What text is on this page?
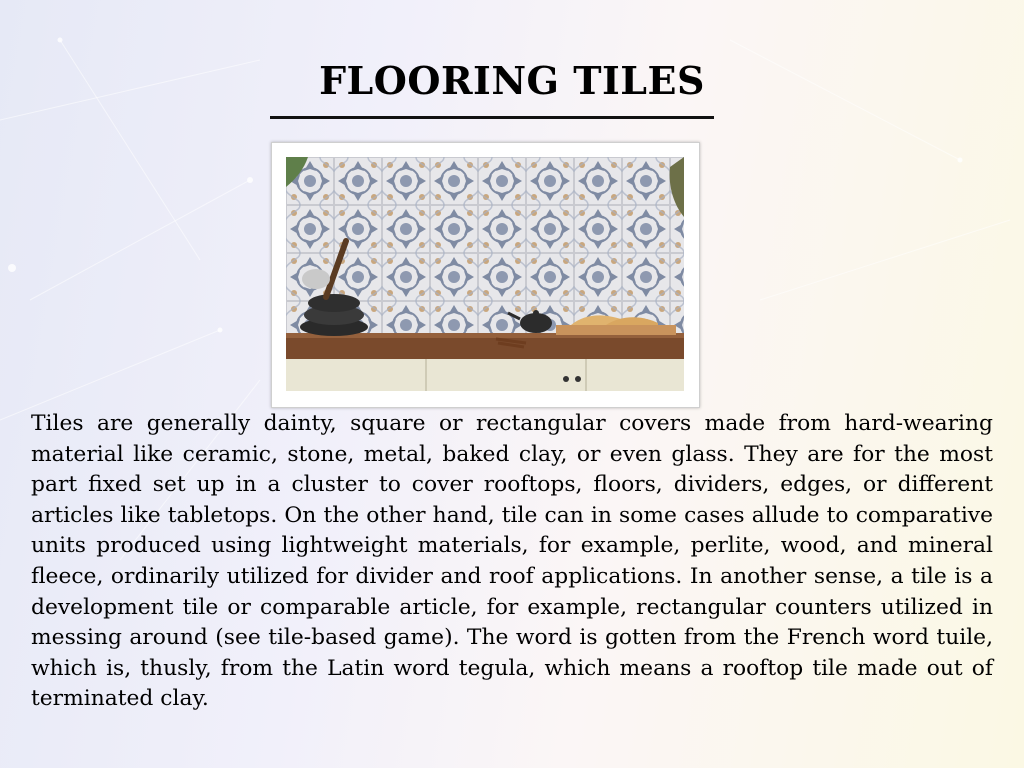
FLOORING TILES

Tiles are generally dainty, square or rectangular covers made from hard-wearing material like ceramic, stone, metal, baked clay, or even glass. They are for the most part fixed set up in a cluster to cover rooftops, floors, dividers, edges, or different articles like tabletops. On the other hand, tile can in some cases allude to comparative units produced using lightweight materials, for example, perlite, wood, and mineral fleece, ordinarily utilized for divider and roof applications. In another sense, a tile is a development tile or comparable article, for example, rectangular counters utilized in messing around (see tile-based game). The word is gotten from the French word tuile, which is, thusly, from the Latin word tegula, which means a rooftop tile made out of terminated clay.
